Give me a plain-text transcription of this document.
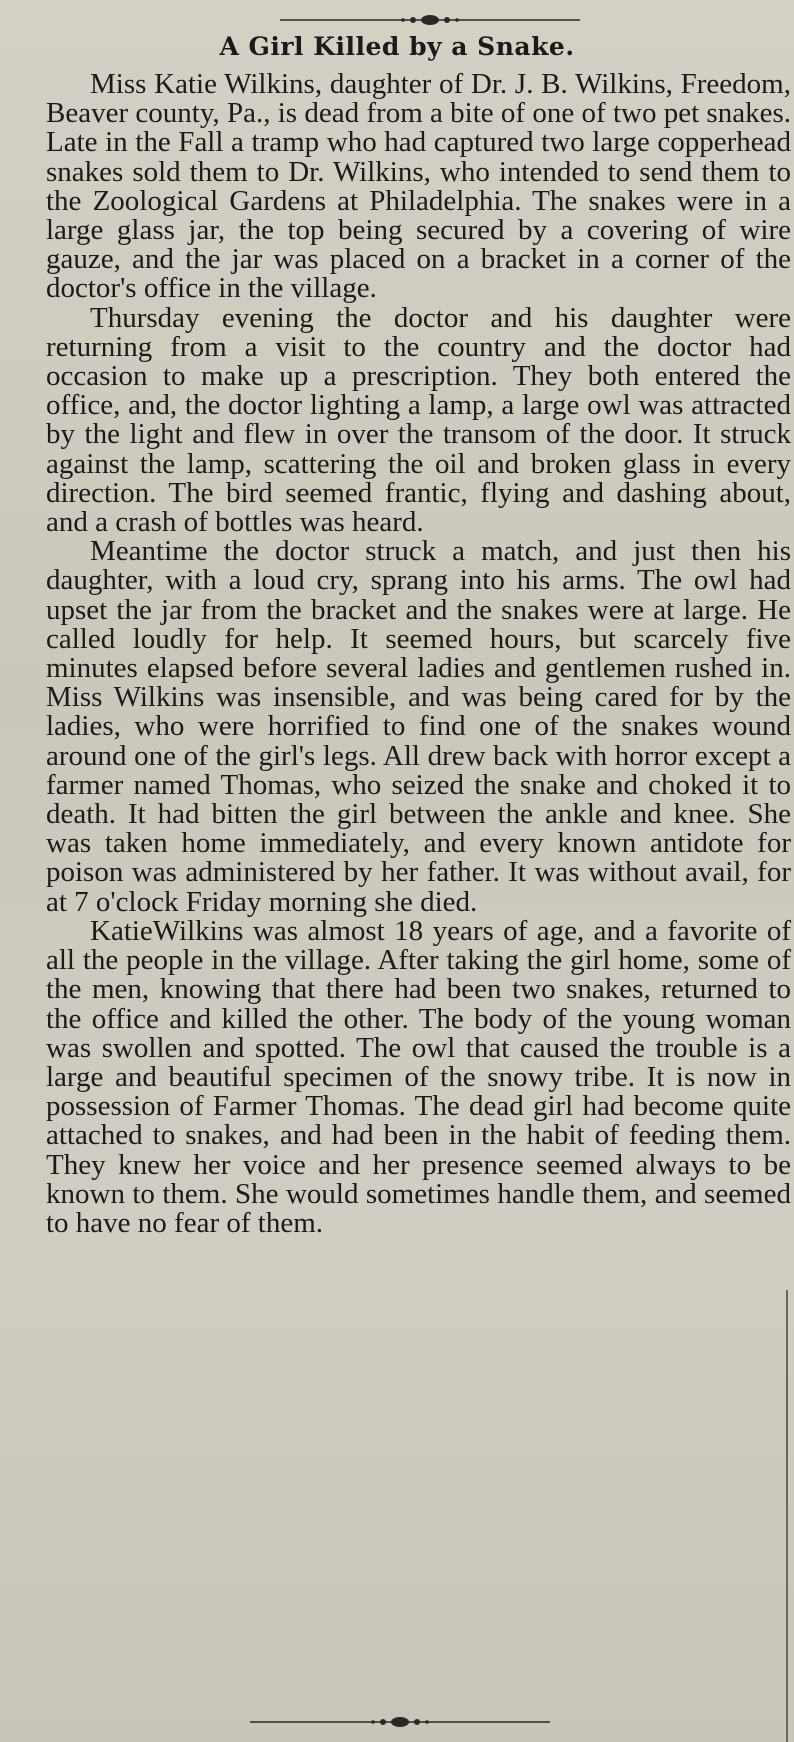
A Girl Killed by a Snake.

Miss Katie Wilkins, daughter of Dr. J. B. Wilkins, Freedom, Beaver county, Pa., is dead from a bite of one of two pet snakes. Late in the Fall a tramp who had captured two large copperhead snakes sold them to Dr. Wilkins, who intended to send them to the Zoological Gardens at Philadelphia. The snakes were in a large glass jar, the top being secured by a covering of wire gauze, and the jar was placed on a bracket in a corner of the doctor's office in the village.

Thursday evening the doctor and his daughter were returning from a visit to the country and the doctor had occasion to make up a prescription. They both entered the office, and, the doctor lighting a lamp, a large owl was attracted by the light and flew in over the transom of the door. It struck against the lamp, scattering the oil and broken glass in every direction. The bird seemed frantic, flying and dashing about, and a crash of bottles was heard.

Meantime the doctor struck a match, and just then his daughter, with a loud cry, sprang into his arms. The owl had upset the jar from the bracket and the snakes were at large. He called loudly for help. It seemed hours, but scarcely five minutes elapsed before several ladies and gentlemen rushed in. Miss Wilkins was insensible, and was being cared for by the ladies, who were horrified to find one of the snakes wound around one of the girl's legs. All drew back with horror except a farmer named Thomas, who seized the snake and choked it to death. It had bitten the girl between the ankle and knee. She was taken home immediately, and every known antidote for poison was administered by her father. It was without avail, for at 7 o'clock Friday morning she died.

KatieWilkins was almost 18 years of age, and a favorite of all the people in the village. After taking the girl home, some of the men, knowing that there had been two snakes, returned to the office and killed the other. The body of the young woman was swollen and spotted. The owl that caused the trouble is a large and beautiful specimen of the snowy tribe. It is now in possession of Farmer Thomas. The dead girl had become quite attached to snakes, and had been in the habit of feeding them. They knew her voice and her presence seemed always to be known to them. She would sometimes handle them, and seemed to have no fear of them.
